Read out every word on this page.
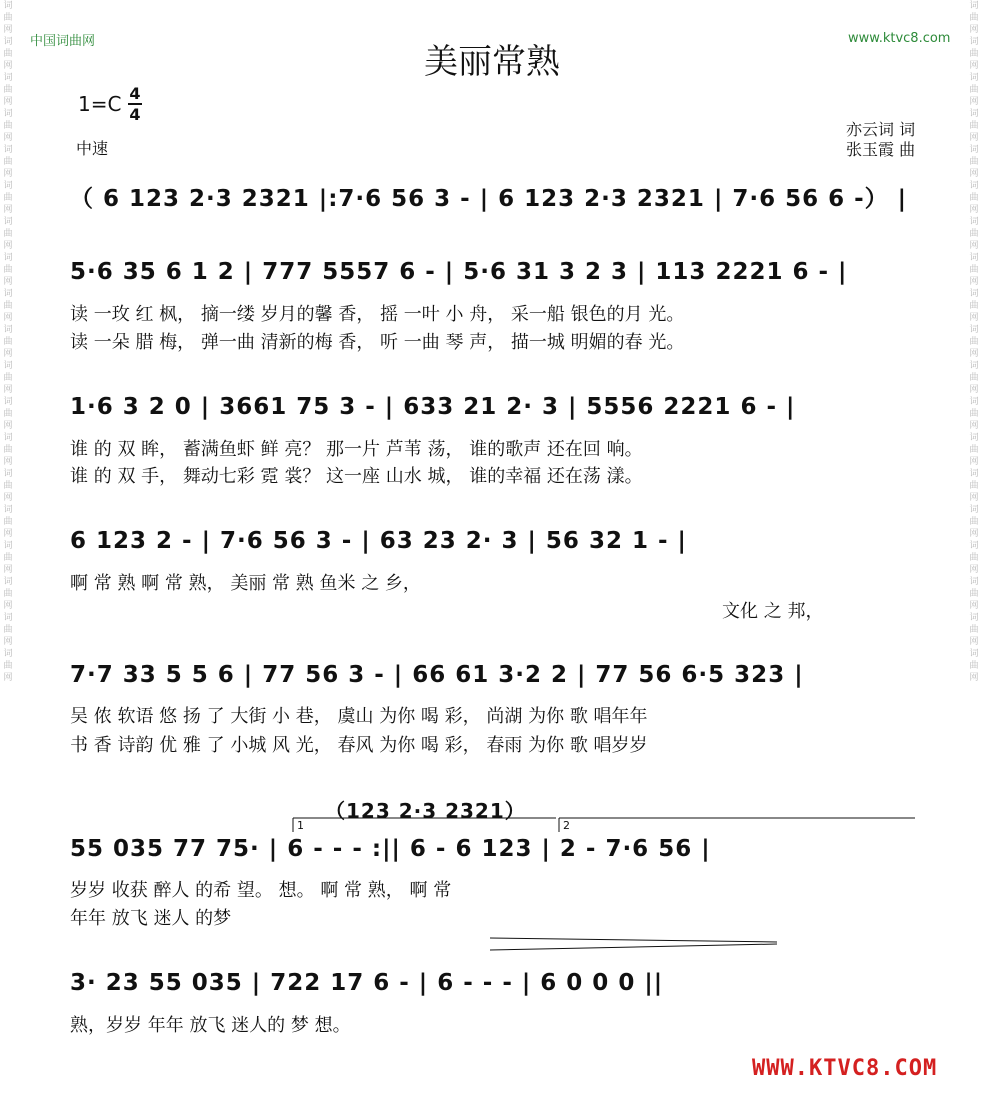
词曲网词曲网词曲网词曲网词曲网词曲网词曲网词曲网词曲网词曲网词曲网词曲网词曲网词曲网词曲网词曲网词曲网词曲网词曲网
词曲网词曲网词曲网词曲网词曲网词曲网词曲网词曲网词曲网词曲网词曲网词曲网词曲网词曲网词曲网词曲网词曲网词曲网词曲网
中国词曲网	www.ktvc8.com
美丽常熟
1=C 4
4
中速
亦云词 词
张玉霞 曲
（ 6 123 2·3 2321 |:7·6 56 3 - | 6 123 2·3 2321 | 7·6 56 6 -） |
5·6 35 6 1 2 | 777 5557 6 - | 5·6 31 3 2 3 | 113 2221 6 - |
读 一玫 红 枫， 摘一缕 岁月的馨 香， 摇 一叶 小 舟， 采一船 银色的月 光。
读 一朵 腊 梅， 弹一曲 清新的梅 香， 听 一曲 琴 声， 描一城 明媚的春 光。
1·6 3 2 0 | 3661 75 3 - | 633 21 2· 3 | 5556 2221 6 - |
谁 的 双 眸， 蓄满鱼虾 鲜 亮？ 那一片 芦苇 荡， 谁的歌声 还在回 响。
谁 的 双 手， 舞动七彩 霓 裳？ 这一座 山水 城， 谁的幸福 还在荡 漾。
6 123 2 - | 7·6 56 3 - | 63 23 2· 3 | 56 32 1 - |
啊 常 熟 啊 常 熟， 美丽 常 熟 鱼米 之 乡，
文化 之 邦，
7·7 33 5 5 6 | 77 56 3 - | 66 61 3·2 2 | 77 56 6·5 323 |
吴 侬 软语 悠 扬 了 大街 小 巷， 虞山 为你 喝 彩， 尚湖 为你 歌 唱年年
书 香 诗韵 优 雅 了 小城 风 光， 春风 为你 喝 彩， 春雨 为你 歌 唱岁岁
（123 2·3 2321）
1	2
55 035 77 75· | 6 - - - :|| 6 - 6 123 | 2 - 7·6 56 |
岁岁 收获 醉人 的希 望。 想。 啊 常 熟， 啊 常
年年 放飞 迷人 的梦
3· 23 55 035 | 722 17 6 - | 6 - - - | 6 0 0 0 ||
熟，岁岁 年年 放飞 迷人的 梦 想。
WWW.KTVC8.COM
